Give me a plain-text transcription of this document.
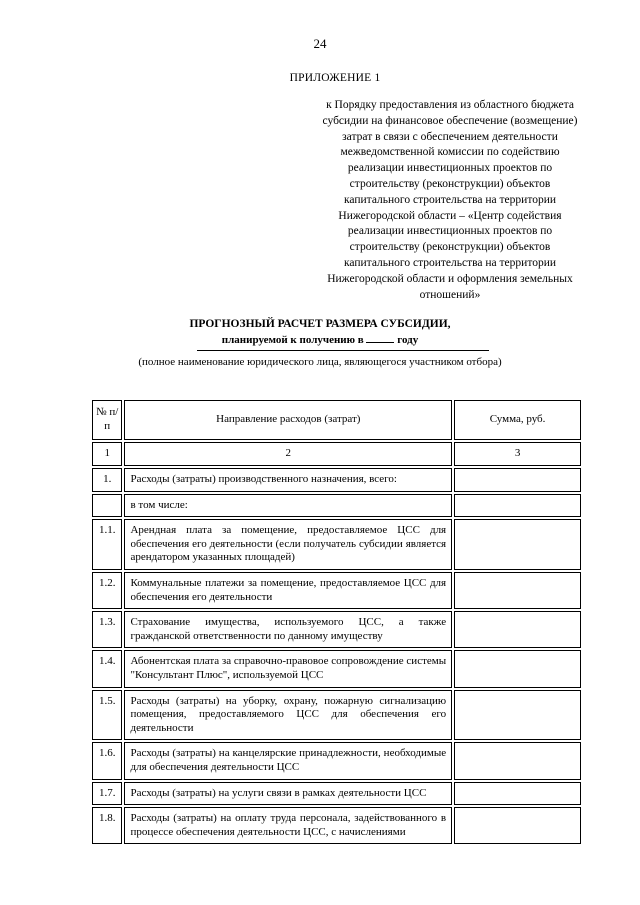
24
ПРИЛОЖЕНИЕ 1
к Порядку предоставления из областного бюджета
субсидии на финансовое обеспечение (возмещение)
затрат в связи с обеспечением деятельности
межведомственной комиссии по содействию
реализации инвестиционных проектов по
строительству (реконструкции) объектов
капитального строительства на территории
Нижегородской области – «Центр содействия
реализации инвестиционных проектов по
строительству (реконструкции) объектов
капитального строительства на территории
Нижегородской области и оформления земельных
отношений»
ПРОГНОЗНЫЙ РАСЧЕТ РАЗМЕРА СУБСИДИИ,
планируемой к получению в	году
(полное наименование юридического лица, являющегося участником отбора)
№ п/п	Направление расходов (затрат)	Сумма, руб.
1	2	3
1.	Расходы (затраты) производственного назначения, всего:	
	в том числе:	
1.1.	Арендная плата за помещение, предоставляемое ЦСС для обеспечения его деятельности (если получатель субсидии является арендатором указанных площадей)	
1.2.	Коммунальные платежи за помещение, предоставляемое ЦСС для обеспечения его деятельности	
1.3.	Страхование имущества, используемого ЦСС, а также гражданской ответственности по данному имуществу	
1.4.	Абонентская плата за справочно-правовое сопровождение системы "Консультант Плюс", используемой ЦСС	
1.5.	Расходы (затраты) на уборку, охрану, пожарную сигнализацию помещения, предоставляемого ЦСС для обеспечения его деятельности	
1.6.	Расходы (затраты) на канцелярские принадлежности, необходимые для обеспечения деятельности ЦСС	
1.7.	Расходы (затраты) на услуги связи в рамках деятельности ЦСС	
1.8.	Расходы (затраты) на оплату труда персонала, задействованного в процессе обеспечения деятельности ЦСС, с начислениями	
